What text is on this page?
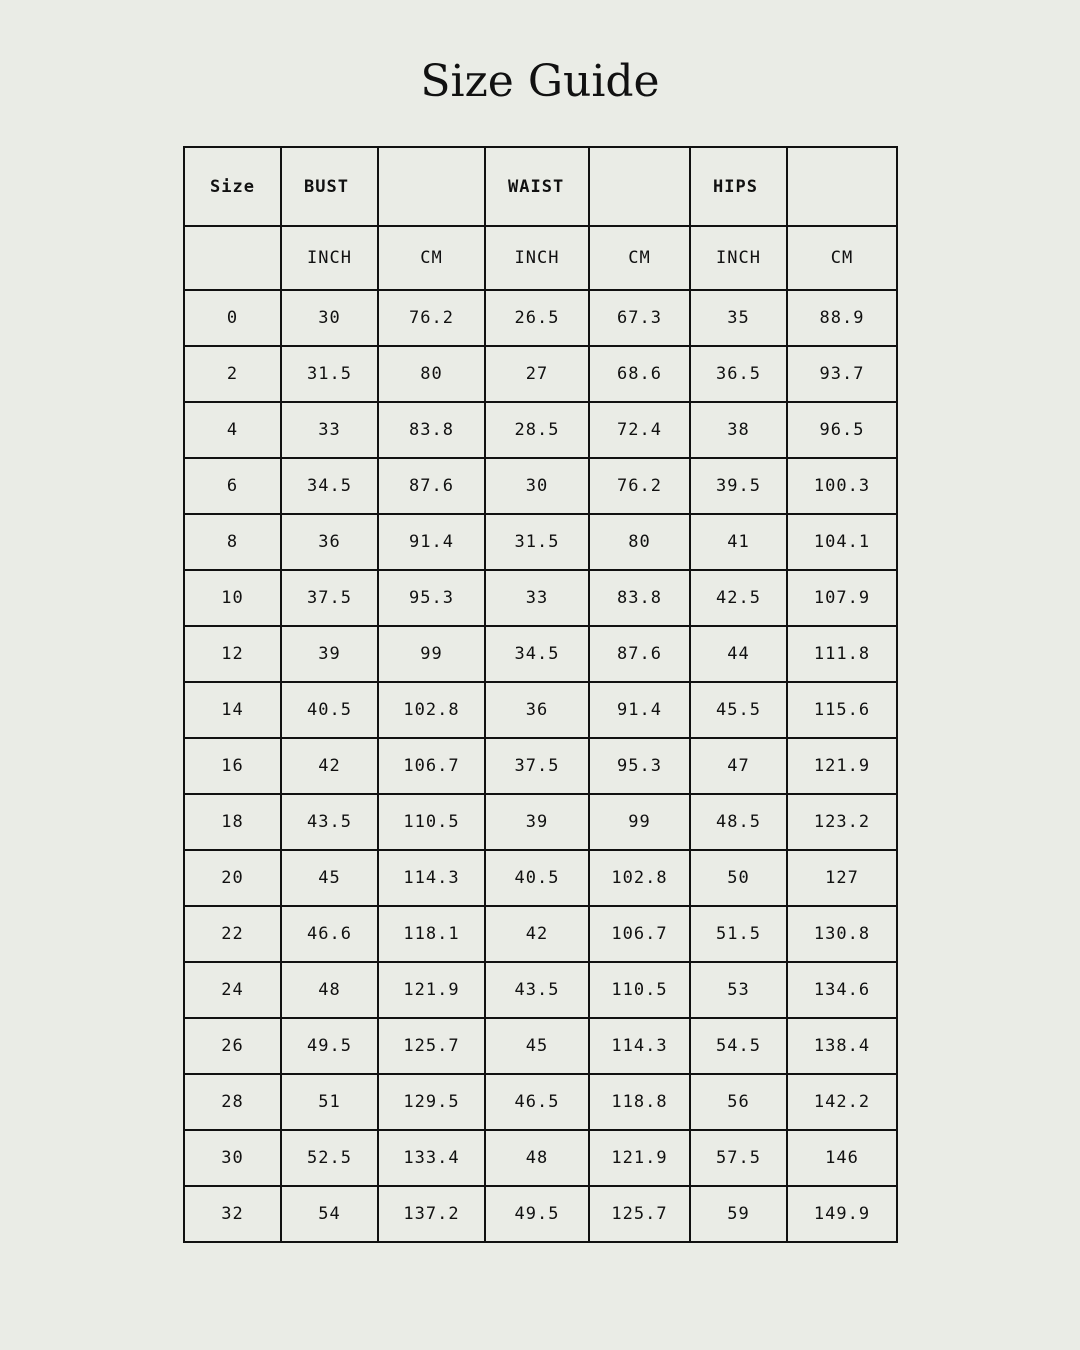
Size Guide
Size	BUST		WAIST		HIPS	
	INCH	CM	INCH	CM	INCH	CM
0	30	76.2	26.5	67.3	35	88.9
2	31.5	80	27	68.6	36.5	93.7
4	33	83.8	28.5	72.4	38	96.5
6	34.5	87.6	30	76.2	39.5	100.3
8	36	91.4	31.5	80	41	104.1
10	37.5	95.3	33	83.8	42.5	107.9
12	39	99	34.5	87.6	44	111.8
14	40.5	102.8	36	91.4	45.5	115.6
16	42	106.7	37.5	95.3	47	121.9
18	43.5	110.5	39	99	48.5	123.2
20	45	114.3	40.5	102.8	50	127
22	46.6	118.1	42	106.7	51.5	130.8
24	48	121.9	43.5	110.5	53	134.6
26	49.5	125.7	45	114.3	54.5	138.4
28	51	129.5	46.5	118.8	56	142.2
30	52.5	133.4	48	121.9	57.5	146
32	54	137.2	49.5	125.7	59	149.9
